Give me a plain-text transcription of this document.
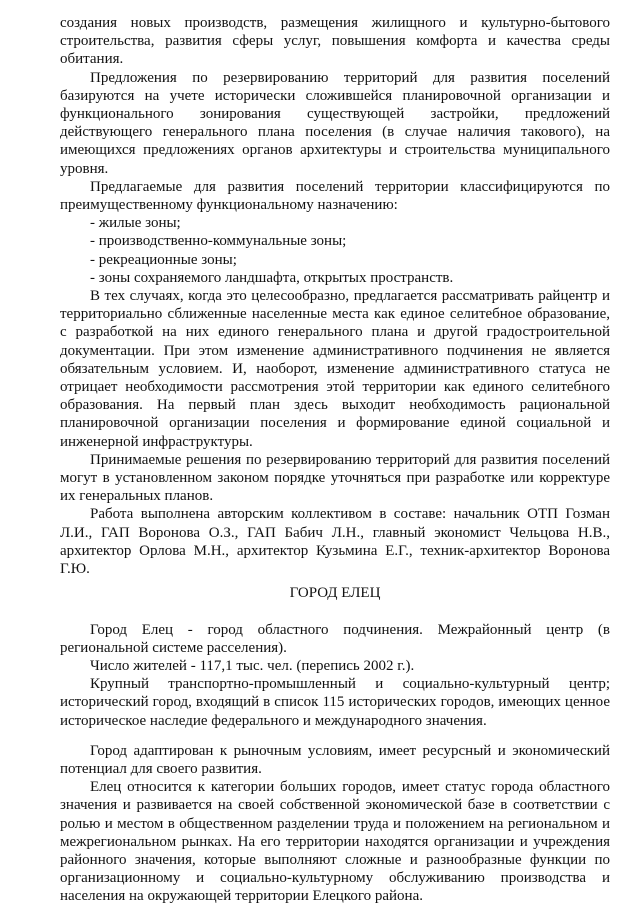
создания новых производств, размещения жилищного и культурно-бытового строительства, развития сферы услуг, повышения комфорта и качества среды обитания.

Предложения по резервированию территорий для развития поселений базируются на учете исторически сложившейся планировочной организации и функционального зонирования существующей застройки, предложений действующего генерального плана поселения (в случае наличия такового), на имеющихся предложениях органов архитектуры и строительства муниципального уровня.

Предлагаемые для развития поселений территории классифицируются по преимущественному функциональному назначению:

- жилые зоны;

- производственно-коммунальные зоны;

- рекреационные зоны;

- зоны сохраняемого ландшафта, открытых пространств.

В тех случаях, когда это целесообразно, предлагается рассматривать райцентр и территориально сближенные населенные места как единое селитебное образование, с разработкой на них единого генерального плана и другой градостроительной документации. При этом изменение административного подчинения не является обязательным условием. И, наоборот, изменение административного статуса не отрицает необходимости рассмотрения этой территории как единого селитебного образования. На первый план здесь выходит необходимость рациональной планировочной организации поселения и формирование единой социальной и инженерной инфраструктуры.

Принимаемые решения по резервированию территорий для развития поселений могут в установленном законом порядке уточняться при разработке или корректуре их генеральных планов.

Работа выполнена авторским коллективом в составе: начальник ОТП Гозман Л.И., ГАП Воронова О.З., ГАП Бабич Л.Н., главный экономист Чельцова Н.В., архитектор Орлова М.Н., архитектор Кузьмина Е.Г., техник-архитектор Воронова Г.Ю.

ГОРОД ЕЛЕЦ

Город Елец - город областного подчинения. Межрайонный центр (в региональной системе расселения).

Число жителей - 117,1 тыс. чел. (перепись 2002 г.).

Крупный транспортно-промышленный и социально-культурный центр; исторический город, входящий в список 115 исторических городов, имеющих ценное историческое наследие федерального и международного значения.

Город адаптирован к рыночным условиям, имеет ресурсный и экономический потенциал для своего развития.

Елец относится к категории больших городов, имеет статус города областного значения и развивается на своей собственной экономической базе в соответствии с ролью и местом в общественном разделении труда и положением на региональном и межрегиональном рынках. На его территории находятся организации и учреждения районного значения, которые выполняют сложные и разнообразные функции по организационному и социально-культурному обслуживанию производства и населения на окружающей территории Елецкого района.
